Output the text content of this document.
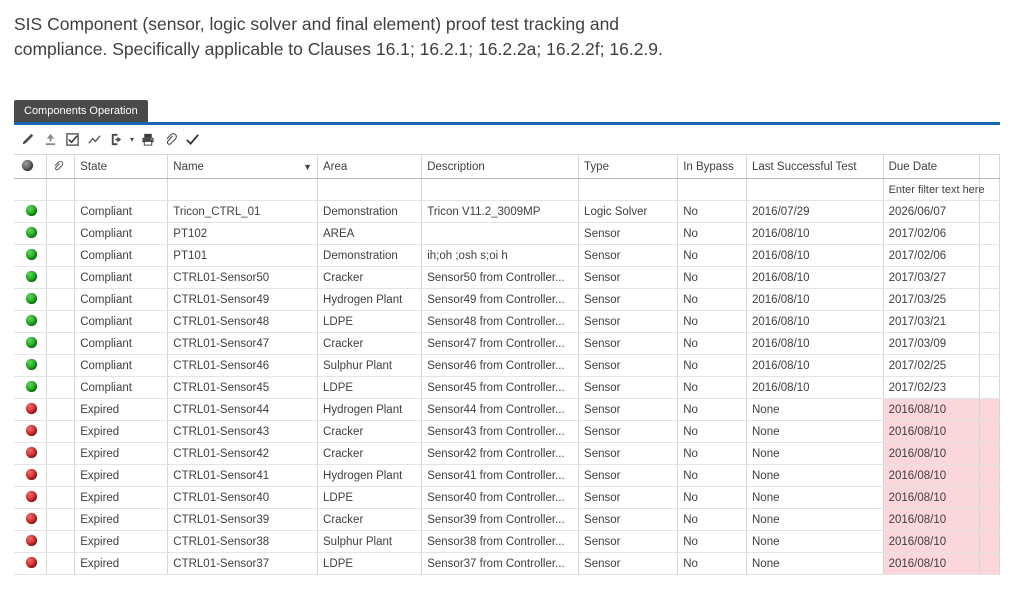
SIS Component (sensor, logic solver and final element) proof test tracking and
compliance. Specifically applicable to Clauses 16.1; 16.2.1; 16.2.2a; 16.2.2f; 16.2.9.
Components Operation
▾
		State	Name ▼	Area	Description	Type	In Bypass	Last Successful Test	Due Date	
									Enter filter text here	
		Compliant	Tricon_CTRL_01	Demonstration	Tricon V11.2_3009MP	Logic Solver	No	2016/07/29	2026/06/07	
		Compliant	PT102	AREA		Sensor	No	2016/08/10	2017/02/06	
		Compliant	PT101	Demonstration	ih;oh ;osh s;oi h	Sensor	No	2016/08/10	2017/02/06	
		Compliant	CTRL01-Sensor50	Cracker	Sensor50 from Controller...	Sensor	No	2016/08/10	2017/03/27	
		Compliant	CTRL01-Sensor49	Hydrogen Plant	Sensor49 from Controller...	Sensor	No	2016/08/10	2017/03/25	
		Compliant	CTRL01-Sensor48	LDPE	Sensor48 from Controller...	Sensor	No	2016/08/10	2017/03/21	
		Compliant	CTRL01-Sensor47	Cracker	Sensor47 from Controller...	Sensor	No	2016/08/10	2017/03/09	
		Compliant	CTRL01-Sensor46	Sulphur Plant	Sensor46 from Controller...	Sensor	No	2016/08/10	2017/02/25	
		Compliant	CTRL01-Sensor45	LDPE	Sensor45 from Controller...	Sensor	No	2016/08/10	2017/02/23	
		Expired	CTRL01-Sensor44	Hydrogen Plant	Sensor44 from Controller...	Sensor	No	None	2016/08/10	
		Expired	CTRL01-Sensor43	Cracker	Sensor43 from Controller...	Sensor	No	None	2016/08/10	
		Expired	CTRL01-Sensor42	Cracker	Sensor42 from Controller...	Sensor	No	None	2016/08/10	
		Expired	CTRL01-Sensor41	Hydrogen Plant	Sensor41 from Controller...	Sensor	No	None	2016/08/10	
		Expired	CTRL01-Sensor40	LDPE	Sensor40 from Controller...	Sensor	No	None	2016/08/10	
		Expired	CTRL01-Sensor39	Cracker	Sensor39 from Controller...	Sensor	No	None	2016/08/10	
		Expired	CTRL01-Sensor38	Sulphur Plant	Sensor38 from Controller...	Sensor	No	None	2016/08/10	
		Expired	CTRL01-Sensor37	LDPE	Sensor37 from Controller...	Sensor	No	None	2016/08/10	
